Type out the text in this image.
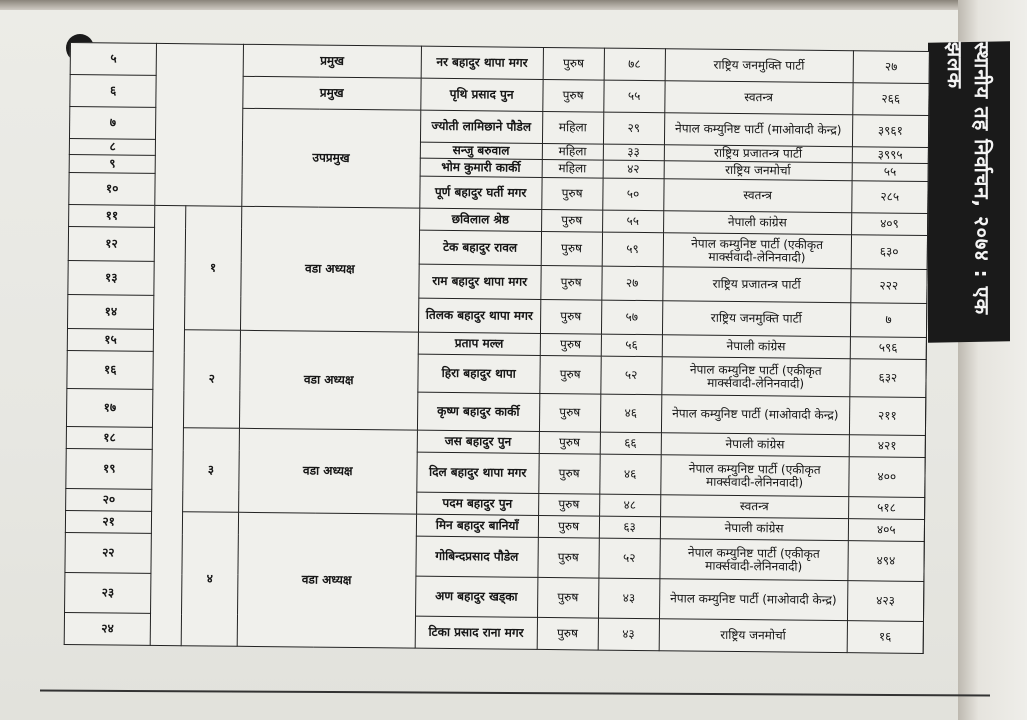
स्थानीय तह निर्वाचन, २०७४ : एक झलक
५			प्रमुख	नर बहादुर थापा मगर	पुरुष	७८	राष्ट्रिय जनमुक्ति पार्टी	२७	
६			प्रमुख	पृथि प्रसाद पुन	पुरुष	५५	स्वतन्त्र	२६६	
७			उपप्रमुख	ज्योती लामिछाने पौडेल	महिला	२९	नेपाल कम्युनिष्ट पार्टी (माओवादी केन्द्र)	३९६१	
८				सन्जु बरुवाल	महिला	३३	राष्ट्रिय प्रजातन्त्र पार्टी	३९९५	
९				भोम कुमारी कार्की	महिला	४२	राष्ट्रिय जनमोर्चा	५५	
१०				पूर्ण बहादुर घर्ती मगर	पुरुष	५०	स्वतन्त्र	२८५	
११		१	वडा अध्यक्ष	छविलाल श्रेष्ठ	पुरुष	५५	नेपाली कांग्रेस	४०९	
१२				टेक बहादुर रावल	पुरुष	५९	नेपाल कम्युनिष्ट पार्टी (एकीकृत मार्क्सवादी-लेनिनवादी)	६३०	
१३				राम बहादुर थापा मगर	पुरुष	२७	राष्ट्रिय प्रजातन्त्र पार्टी	२२२	
१४				तिलक बहादुर थापा मगर	पुरुष	५७	राष्ट्रिय जनमुक्ति पार्टी	७	
१५		२	वडा अध्यक्ष	प्रताप मल्ल	पुरुष	५६	नेपाली कांग्रेस	५९६	
१६				हिरा बहादुर थापा	पुरुष	५२	नेपाल कम्युनिष्ट पार्टी (एकीकृत मार्क्सवादी-लेनिनवादी)	६३२	
१७				कृष्ण बहादुर कार्की	पुरुष	४६	नेपाल कम्युनिष्ट पार्टी (माओवादी केन्द्र)	२११	
१८		३	वडा अध्यक्ष	जस बहादुर पुन	पुरुष	६६	नेपाली कांग्रेस	४२१	
१९				दिल बहादुर थापा मगर	पुरुष	४६	नेपाल कम्युनिष्ट पार्टी (एकीकृत मार्क्सवादी-लेनिनवादी)	४००	
२०				पदम बहादुर पुन	पुरुष	४८	स्वतन्त्र	५१८	
२१		४	वडा अध्यक्ष	मिन बहादुर बानियाँ	पुरुष	६३	नेपाली कांग्रेस	४०५	
२२				गोबिन्दप्रसाद पौडेल	पुरुष	५२	नेपाल कम्युनिष्ट पार्टी (एकीकृत मार्क्सवादी-लेनिनवादी)	४९४	
२३				अण बहादुर खड्का	पुरुष	४३	नेपाल कम्युनिष्ट पार्टी (माओवादी केन्द्र)	४२३	
२४				टिका प्रसाद राना मगर	पुरुष	४३	राष्ट्रिय जनमोर्चा	१६	
